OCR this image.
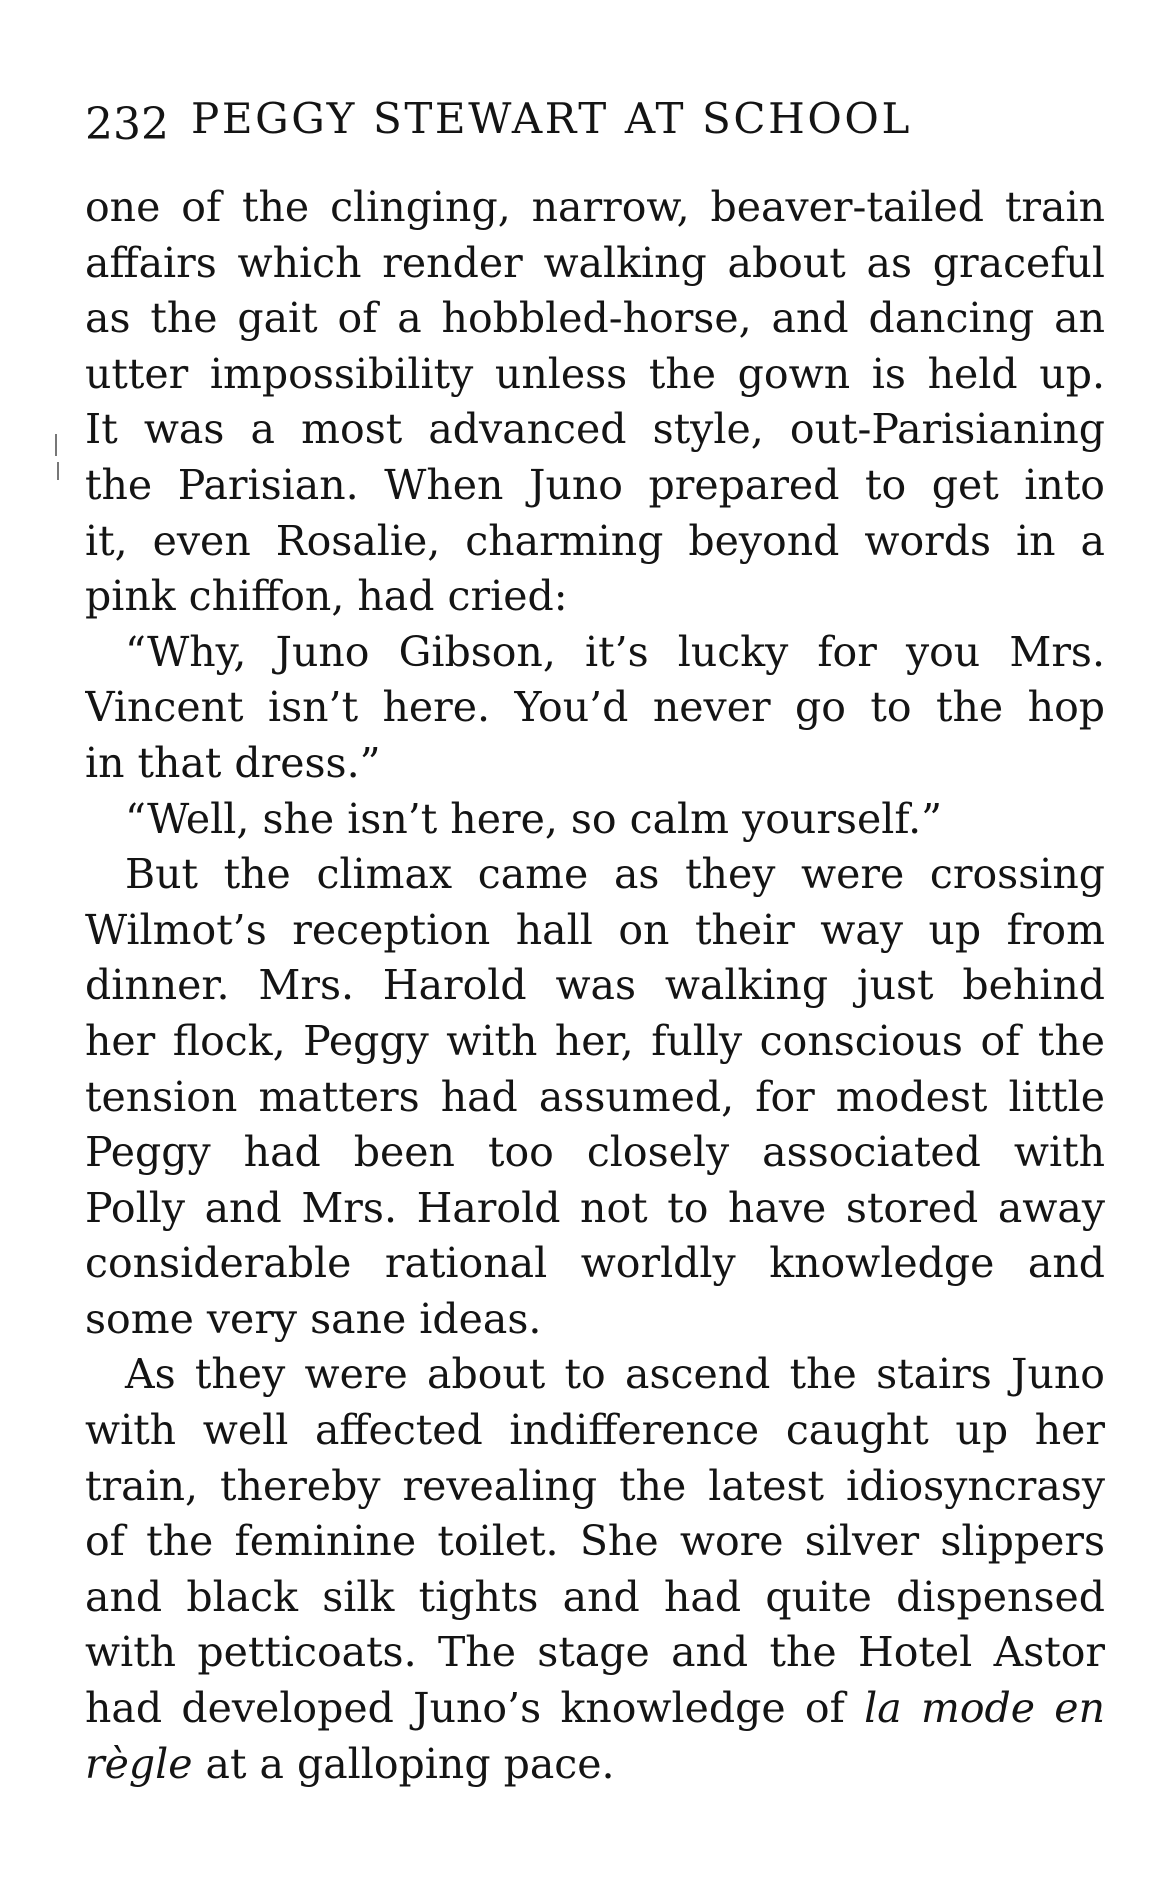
232 PEGGY STEWART AT SCHOOL
one of the clinging, narrow, beaver-tailed train
affairs which render walking about as graceful
as the gait of a hobbled-horse, and dancing an
utter impossibility unless the gown is held up.
It was a most advanced style, out-Parisianing
the Parisian. When Juno prepared to get into
it, even Rosalie, charming beyond words in a
pink chiffon, had cried:
“Why, Juno Gibson, it’s lucky for you Mrs.
Vincent isn’t here. You’d never go to the hop
in that dress.”
“Well, she isn’t here, so calm yourself.”
But the climax came as they were crossing
Wilmot’s reception hall on their way up from
dinner. Mrs. Harold was walking just behind
her flock, Peggy with her, fully conscious of the
tension matters had assumed, for modest little
Peggy had been too closely associated with
Polly and Mrs. Harold not to have stored away
considerable rational worldly knowledge and
some very sane ideas.
As they were about to ascend the stairs Juno
with well affected indifference caught up her
train, thereby revealing the latest idiosyncrasy
of the feminine toilet. She wore silver slippers
and black silk tights and had quite dispensed
with petticoats. The stage and the Hotel Astor
had developed Juno’s knowledge of la mode en
règle at a galloping pace.
